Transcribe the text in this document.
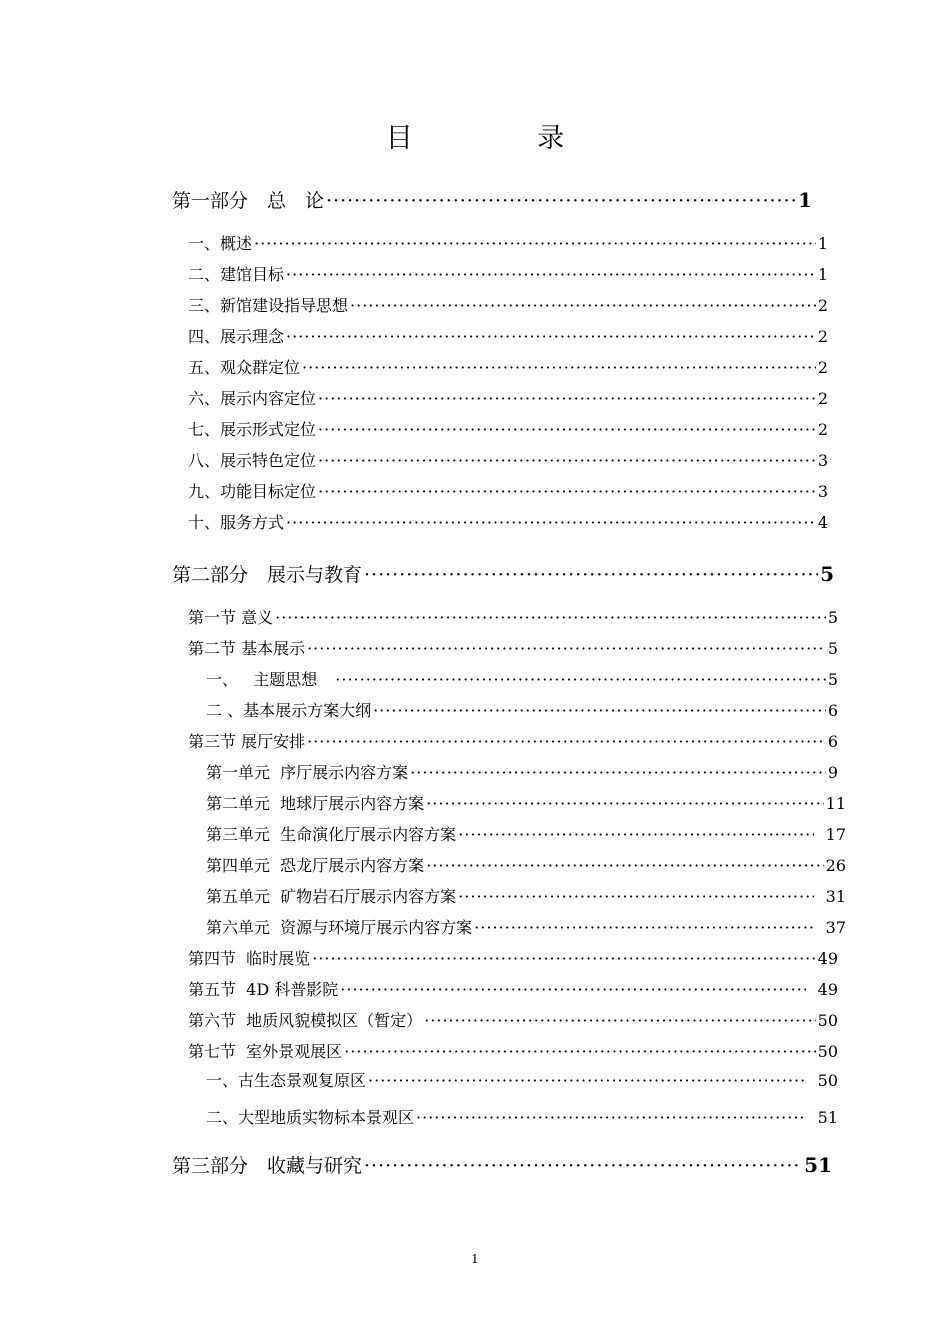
目 录
第一部分　总　论 ·····	1
一、概述 ·····	1
二、建馆目标 ·····	1
三、新馆建设指导思想 ·····	2
四、展示理念 ·····	2
五、观众群定位 ·····	2
六、展示内容定位 ·····	2
七、展示形式定位 ·····	2
八、展示特色定位 ·····	3
九、功能目标定位 ·····	3
十、服务方式 ·····	4
第二部分　展示与教育 ·····	5
第一节 意义 ·····	5
第二节 基本展示 ·····	5
一、   主题思想 ·····	5
二 、基本展示方案大纲 ·····	6
第三节 展厅安排 ·····	6
第一单元  序厅展示内容方案 ·····	9
第二单元  地球厅展示内容方案 ·····	11
第三单元  生命演化厅展示内容方案 ·····	17
第四单元  恐龙厅展示内容方案 ·····	26
第五单元  矿物岩石厅展示内容方案 ·····	31
第六单元  资源与环境厅展示内容方案 ·····	37
第四节  临时展览 ·····	49
第五节  4D 科普影院 ·····	49
第六节  地质风貌模拟区（暂定） ·····	50
第七节  室外景观展区 ·····	50
一、古生态景观复原区 ·····	50
二、大型地质实物标本景观区 ·····	51
第三部分　收藏与研究 ·····	51
1
